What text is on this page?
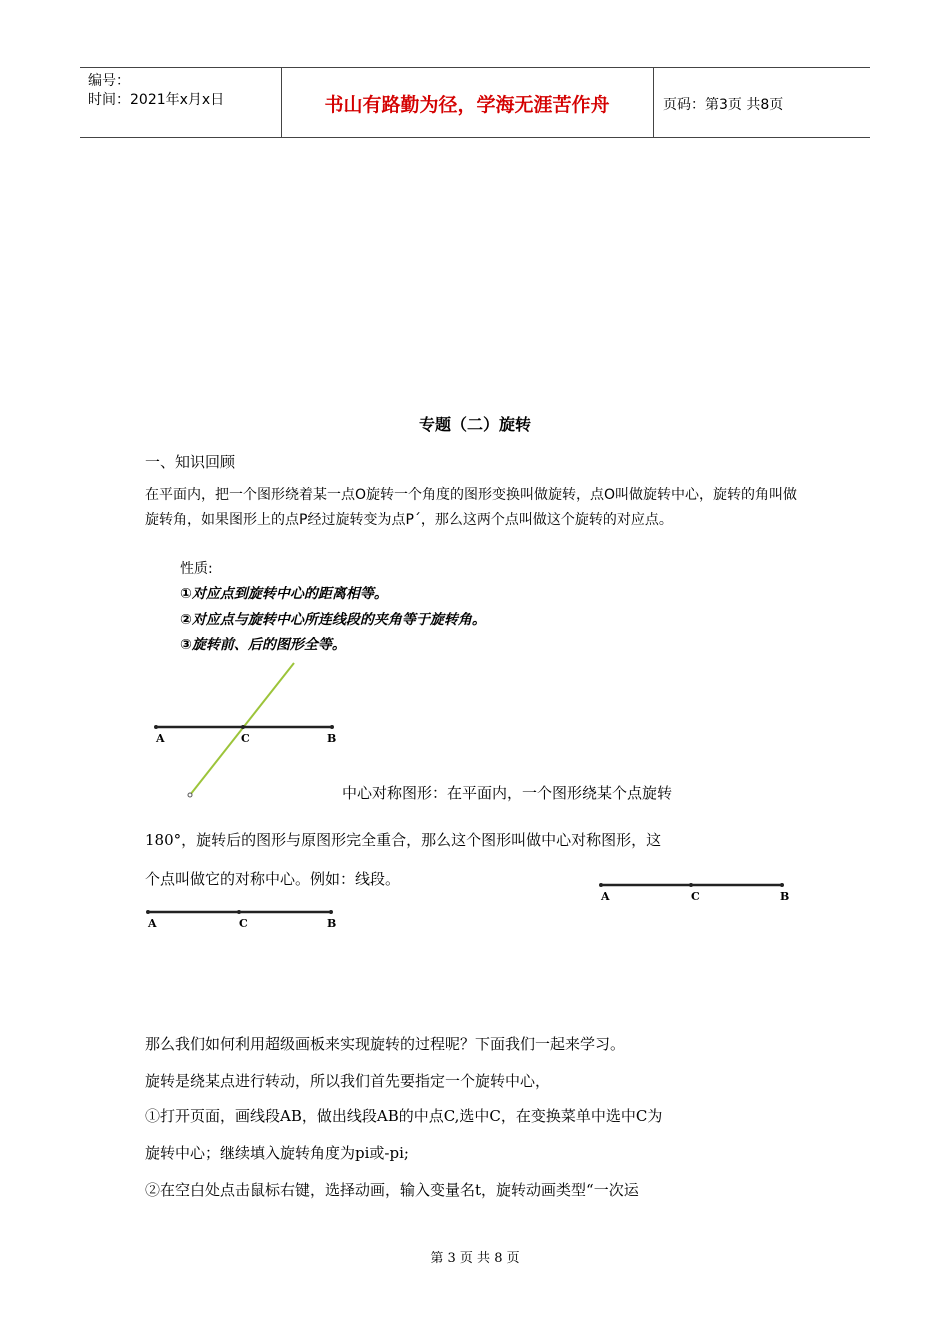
编号：
时间：2021年x月x日	书山有路勤为径，学海无涯苦作舟	页码：第3页 共8页
专题（二）旋转
一、知识回顾
在平面内，把一个图形绕着某一点O旋转一个角度的图形变换叫做旋转，点O叫做旋转中心，旋转的角叫做旋转角，如果图形上的点P经过旋转变为点P´，那么这两个点叫做这个旋转的对应点。
性质:
①对应点到旋转中心的距离相等。
②对应点与旋转中心所连线段的夹角等于旋转角。
③旋转前、后的图形全等。
A	C	B
中心对称图形：在平面内，一个图形绕某个点旋转
180°，旋转后的图形与原图形完全重合，那么这个图形叫做中心对称图形，这
个点叫做它的对称中心。例如：线段。
A	C	B
A	C	B
那么我们如何利用超级画板来实现旋转的过程呢？下面我们一起来学习。
旋转是绕某点进行转动，所以我们首先要指定一个旋转中心，
①打开页面，画线段AB，做出线段AB的中点C,选中C，在变换菜单中选中C为
旋转中心；继续填入旋转角度为pi或-pi;
②在空白处点击鼠标右键，选择动画，输入变量名t，旋转动画类型“一次运
第 3 页 共 8 页
